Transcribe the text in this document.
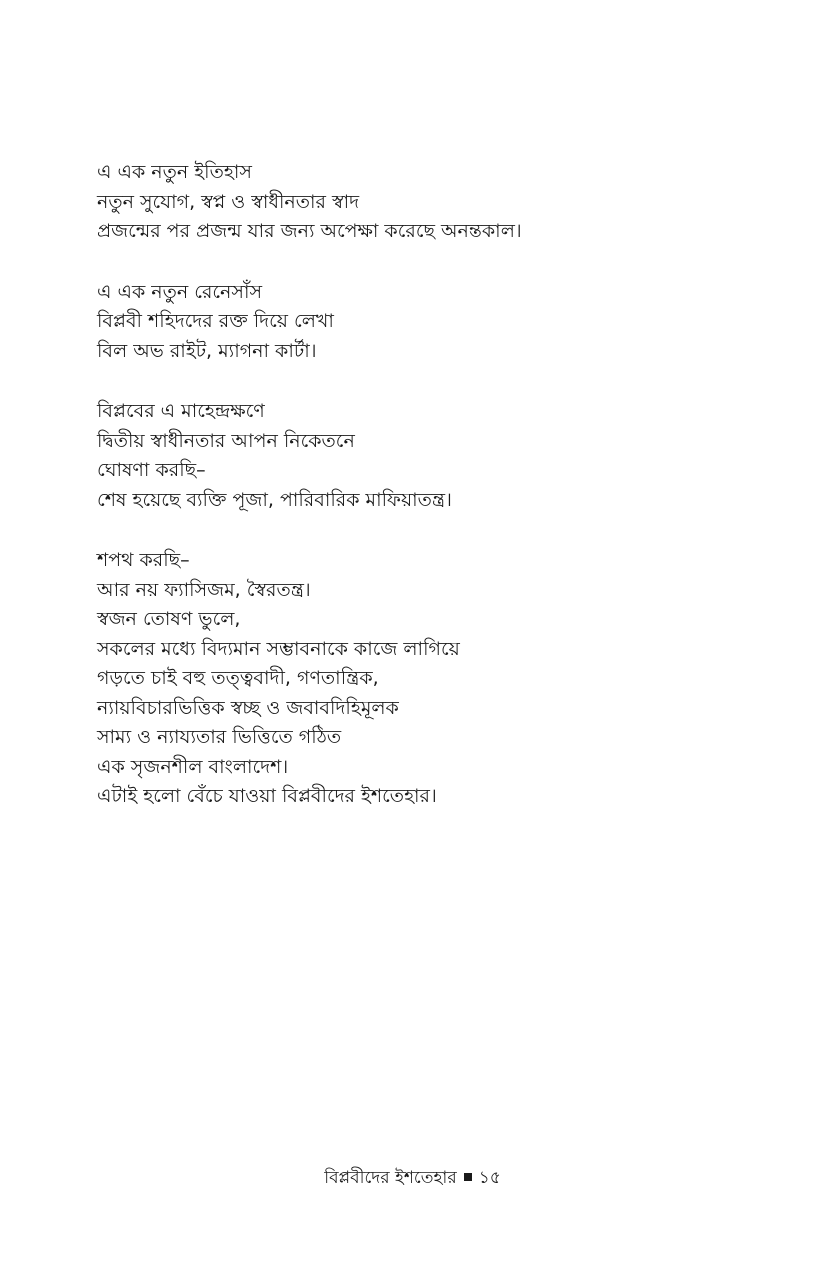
এ এক নতুন ইতিহাস
নতুন সুযোগ, স্বপ্ন ও স্বাধীনতার স্বাদ
প্রজন্মের পর প্রজন্ম যার জন্য অপেক্ষা করেছে অনন্তকাল।
এ এক নতুন রেনেসাঁস
বিপ্লবী শহিদদের রক্ত দিয়ে লেখা
বিল অভ রাইট, ম্যাগনা কার্টা।
বিপ্লবের এ মাহেন্দ্রক্ষণে
দ্বিতীয় স্বাধীনতার আপন নিকেতনে
ঘোষণা করছি–
শেষ হয়েছে ব্যক্তি পূজা, পারিবারিক মাফিয়াতন্ত্র।
শপথ করছি–
আর নয় ফ্যাসিজম, স্বৈরতন্ত্র।
স্বজন তোষণ ভুলে,
সকলের মধ্যে বিদ্যমান সম্ভাবনাকে কাজে লাগিয়ে
গড়তে চাই বহু তত্ত্ববাদী, গণতান্ত্রিক,
ন্যায়বিচারভিত্তিক স্বচ্ছ ও জবাবদিহিমূলক
সাম্য ও ন্যায্যতার ভিত্তিতে গঠিত
এক সৃজনশীল বাংলাদেশ।
এটাই হলো বেঁচে যাওয়া বিপ্লবীদের ইশতেহার।
বিপ্লবীদের ইশতেহার ১৫
